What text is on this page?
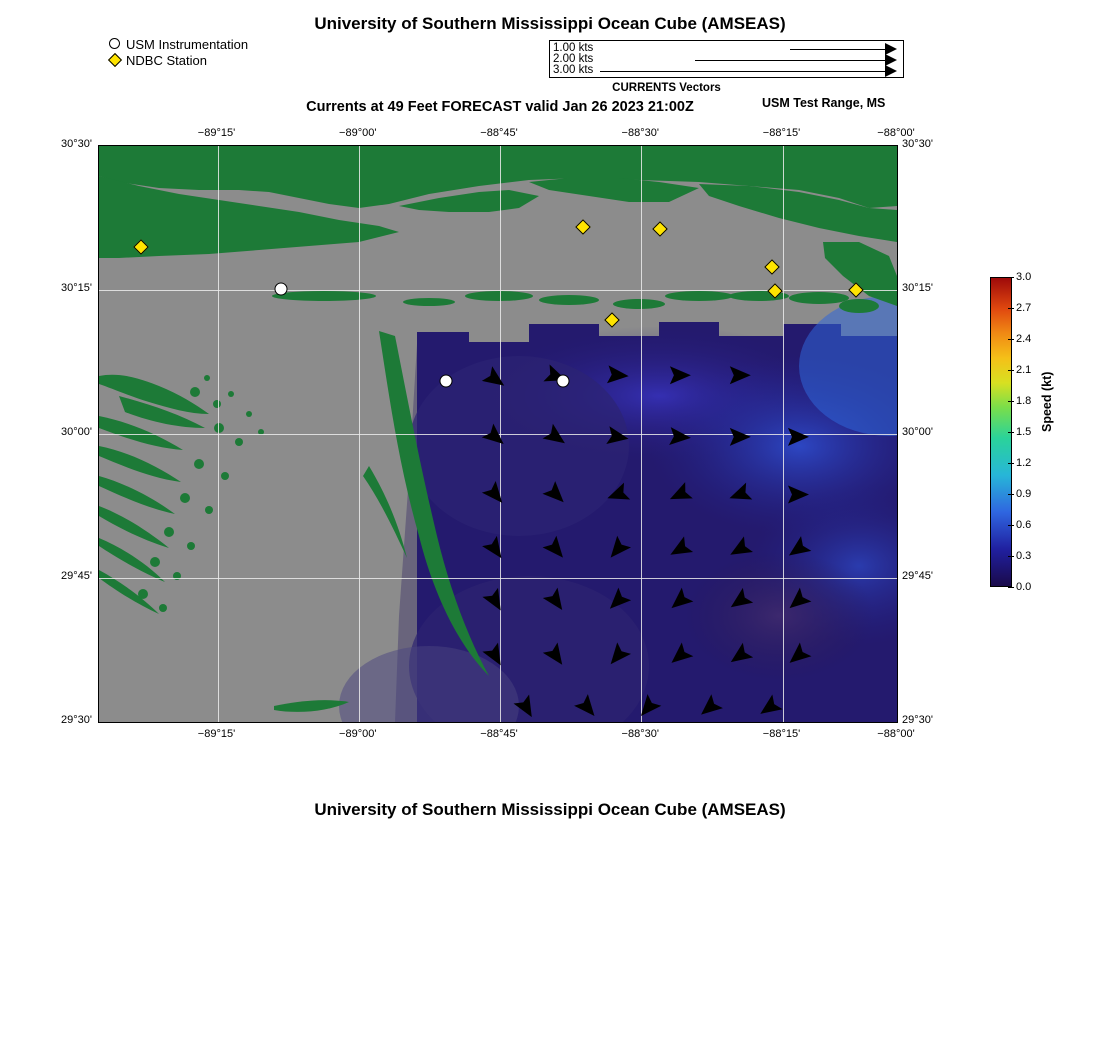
University of Southern Mississippi Ocean Cube (AMSEAS)
USM Instrumentation
NDBC Station
1.00 kts
2.00 kts
3.00 kts
CURRENTS Vectors
Currents at 49 Feet FORECAST valid Jan 26 2023 21:00Z	USM Test Range, MS
−89°15'	−89°00'	−88°45'	−88°30'	−88°15'	−88°00'
−89°15'	−89°00'	−88°45'	−88°30'	−88°15'	−88°00'
30°30'
30°15'
30°00'
29°45'
29°30'
30°30'
30°15'
30°00'
29°45'
29°30'
3.0
2.7
2.4
2.1
1.8
1.5
1.2
0.9
0.6
0.3
0.0
Speed (kt)
University of Southern Mississippi Ocean Cube (AMSEAS)
